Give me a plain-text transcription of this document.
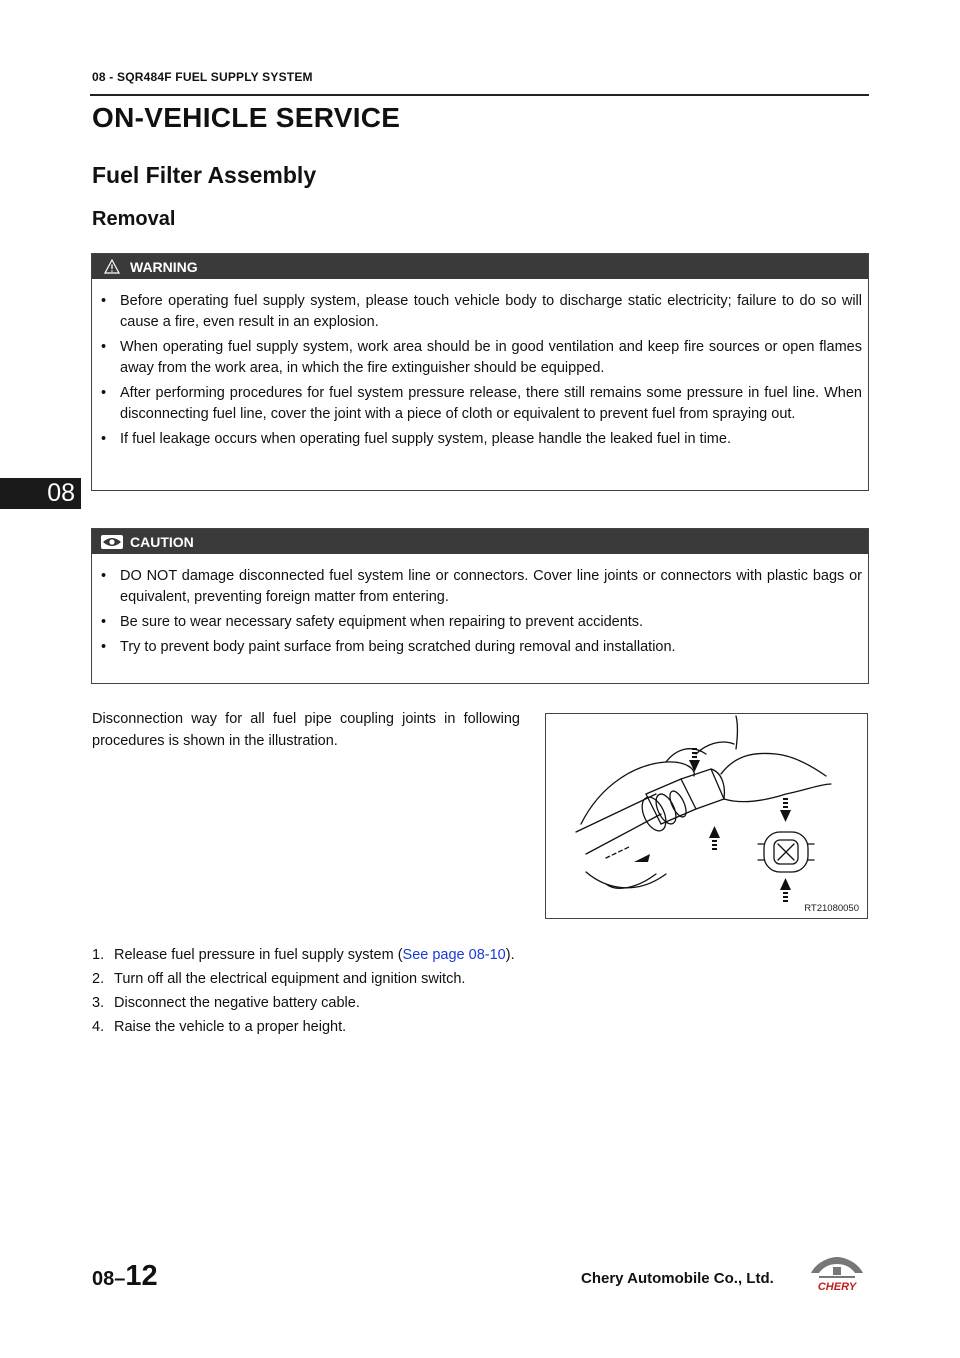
08 - SQR484F FUEL SUPPLY SYSTEM
ON-VEHICLE SERVICE
Fuel Filter Assembly
Removal
08
WARNING
• Before operating fuel supply system, please touch vehicle body to discharge static electricity; failure to do so will cause a fire, even result in an explosion.
• When operating fuel supply system, work area should be in good ventilation and keep fire sources or open flames away from the work area, in which the fire extinguisher should be equipped.
• After performing procedures for fuel system pressure release, there still remains some pressure in fuel line. When disconnecting fuel line, cover the joint with a piece of cloth or equivalent to prevent fuel from spraying out.
• If fuel leakage occurs when operating fuel supply system, please handle the leaked fuel in time.
CAUTION
• DO NOT damage disconnected fuel system line or connectors. Cover line joints or connectors with plastic bags or equivalent, preventing foreign matter from entering.
• Be sure to wear necessary safety equipment when repairing to prevent accidents.
• Try to prevent body paint surface from being scratched during removal and installation.
Disconnection way for all fuel pipe coupling joints in following procedures is shown in the illustration.
RT21080050
1. Release fuel pressure in fuel supply system (See page 08-10).
2. Turn off all the electrical equipment and ignition switch.
3. Disconnect the negative battery cable.
4. Raise the vehicle to a proper height.
08–12	Chery Automobile Co., Ltd.	CHERY
